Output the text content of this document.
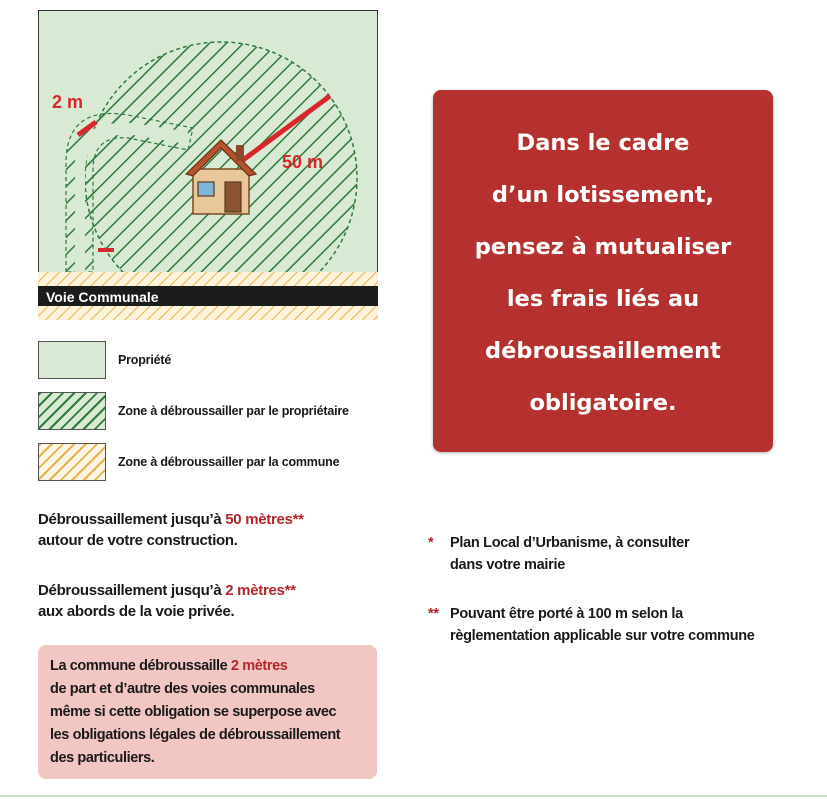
2 m
50 m
Voie Communale
Propriété
Zone à débroussailler par le propriétaire
Zone à débroussailler par la commune
Débroussaillement jusqu’à 50 mètres**
autour de votre construction.
Débroussaillement jusqu’à 2 mètres**
aux abords de la voie privée.
La commune débroussaille 2 mètres
de part et d’autre des voies communales
même si cette obligation se superpose avec
les obligations légales de débroussaillement
des particuliers.
Dans le cadre
d’un lotissement,
pensez à mutualiser
les frais liés au
débroussaillement
obligatoire.
* Plan Local d’Urbanisme, à consulter
dans votre mairie
** Pouvant être porté à 100 m selon la
règlementation applicable sur votre commune
